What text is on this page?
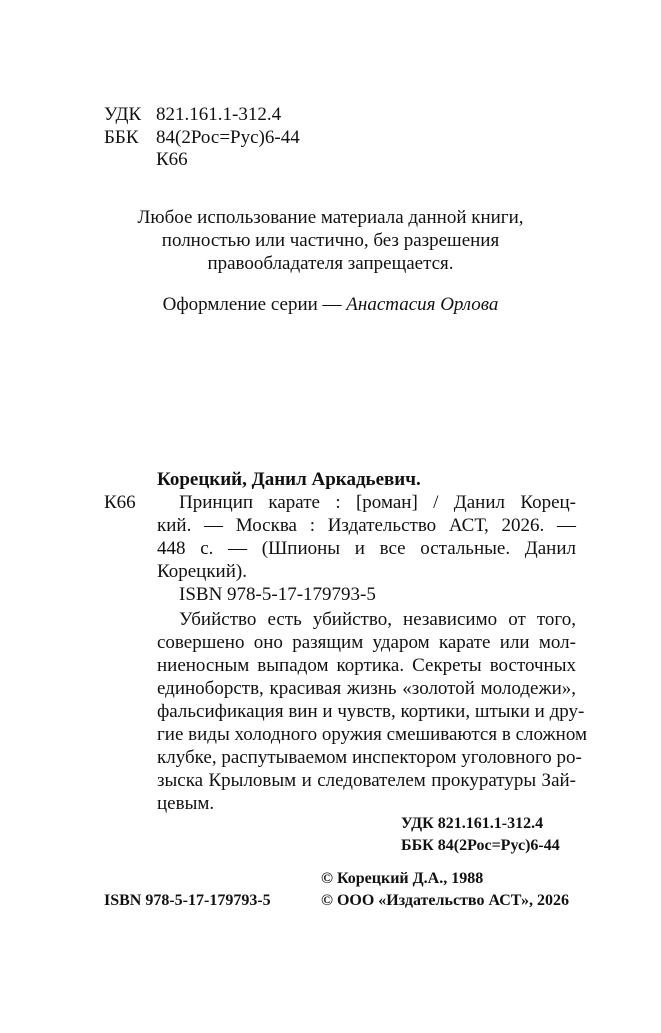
УДК 821.161.1-312.4
ББК 84(2Рос=Рус)6-44
К66
Любое использование материала данной книги,
полностью или частично, без разрешения
правообладателя запрещается.
Оформление серии — Анастасия Орлова
Корецкий, Данил Аркадьевич.
К66	Принцип карате : [роман] / Данил Корец-
кий. — Москва : Издательство АСТ, 2026. —
448 с. — (Шпионы и все остальные. Данил
Корецкий).
ISBN 978-5-17-179793-5
Убийство есть убийство, независимо от того,
совершено оно разящим ударом карате или мол-
ниеносным выпадом кортика. Секреты восточных
единоборств, красивая жизнь «золотой молодежи»,
фальсификация вин и чувств, кортики, штыки и дру-
гие виды холодного оружия смешиваются в сложном
клубке, распутываемом инспектором уголовного ро-
зыска Крыловым и следователем прокуратуры Зай-
цевым.
УДК 821.161.1-312.4
ББК 84(2Рос=Рус)6-44
© Корецкий Д.А., 1988
ISBN 978-5-17-179793-5	© ООО «Издательство АСТ», 2026
